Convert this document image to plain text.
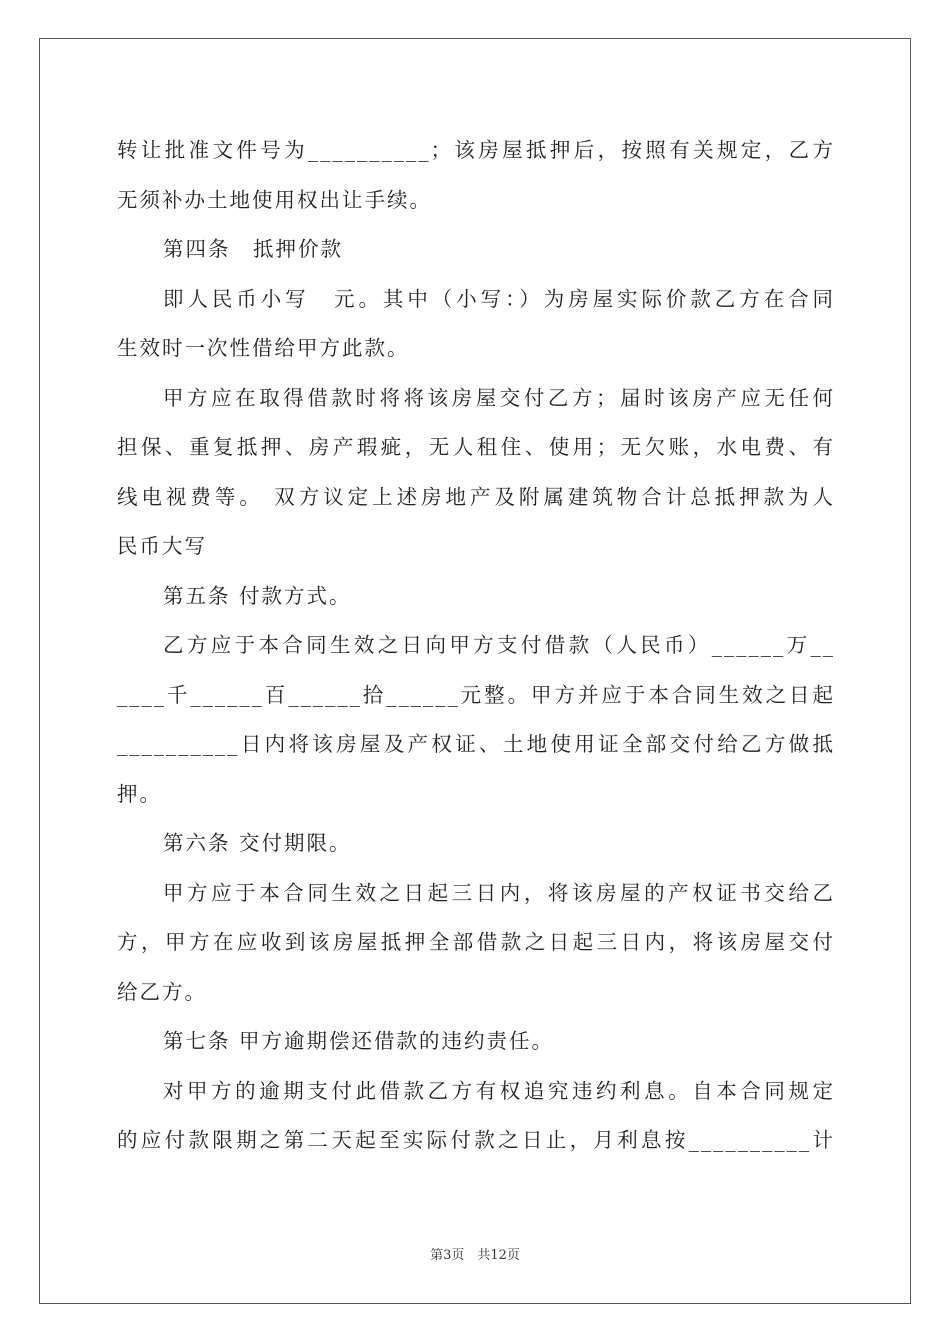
转让批准文件号为__________；该房屋抵押后，按照有关规定，乙方
无须补办土地使用权出让手续。
第四条　抵押价款
即人民币小写　元。其中（小写：）为房屋实际价款乙方在合同
生效时一次性借给甲方此款。
甲方应在取得借款时将将该房屋交付乙方；届时该房产应无任何
担保、重复抵押、房产瑕疵，无人租住、使用；无欠账，水电费、有
线电视费等。 双方议定上述房地产及附属建筑物合计总抵押款为人
民币大写
第五条 付款方式。
乙方应于本合同生效之日向甲方支付借款（人民币）______万__
____千______百______拾______元整。甲方并应于本合同生效之日起
__________日内将该房屋及产权证、土地使用证全部交付给乙方做抵
押。
第六条 交付期限。
甲方应于本合同生效之日起三日内，将该房屋的产权证书交给乙
方，甲方在应收到该房屋抵押全部借款之日起三日内，将该房屋交付
给乙方。
第七条 甲方逾期偿还借款的违约责任。
对甲方的逾期支付此借款乙方有权追究违约利息。自本合同规定
的应付款限期之第二天起至实际付款之日止，月利息按__________计
第3页　共12页
